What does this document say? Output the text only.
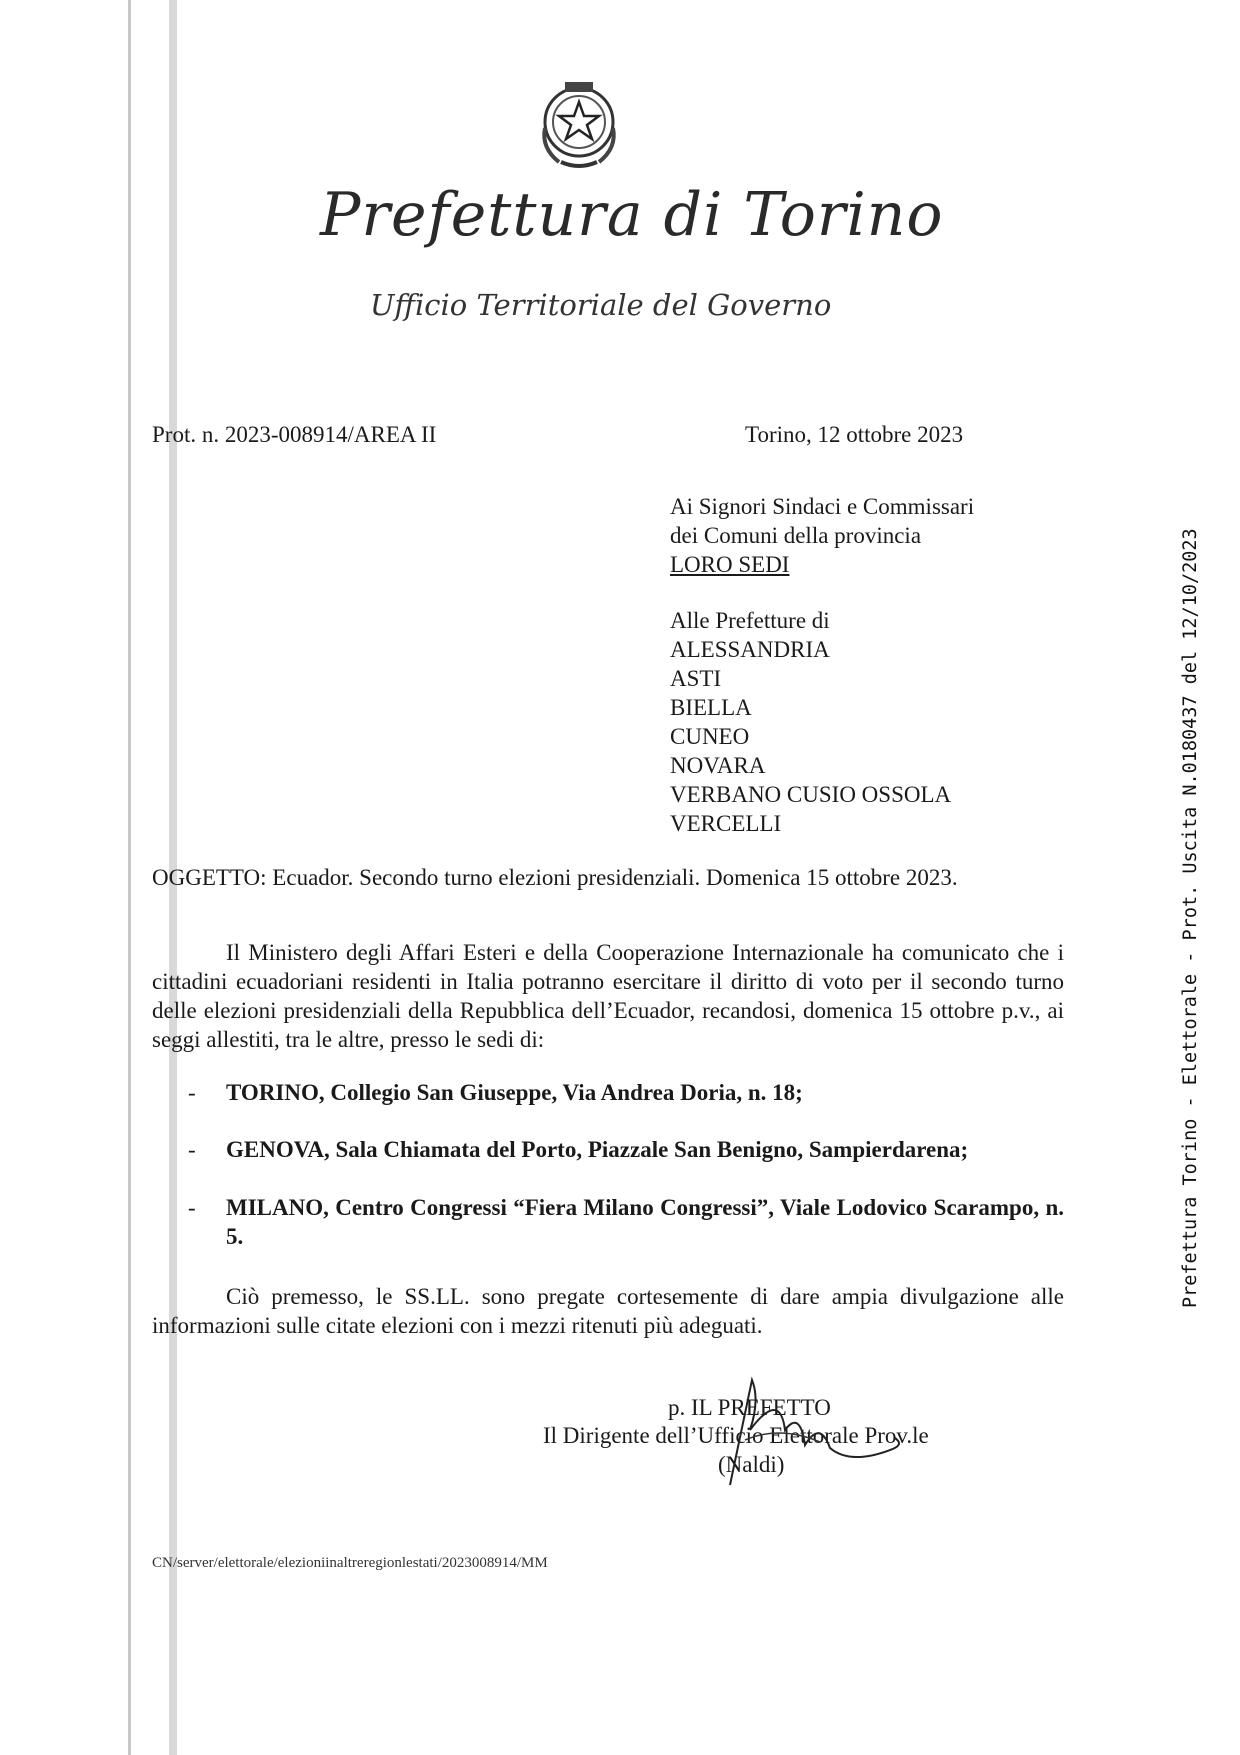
Prefettura di Torino
Ufficio Territoriale del Governo
Prot. n. 2023-008914/AREA II	Torino, 12 ottobre 2023
Ai Signori Sindaci e Commissari
dei Comuni della provincia
LORO SEDI
Alle Prefetture di
ALESSANDRIA
ASTI
BIELLA
CUNEO
NOVARA
VERBANO CUSIO OSSOLA
VERCELLI
OGGETTO: Ecuador. Secondo turno elezioni presidenziali. Domenica 15 ottobre 2023.
Il Ministero degli Affari Esteri e della Cooperazione Internazionale ha comunicato che i cittadini ecuadoriani residenti in Italia potranno esercitare il diritto di voto per il secondo turno delle elezioni presidenziali della Repubblica dell’Ecuador, recandosi, domenica 15 ottobre p.v., ai seggi allestiti, tra le altre, presso le sedi di:
- TORINO, Collegio San Giuseppe, Via Andrea Doria, n. 18;
- GENOVA, Sala Chiamata del Porto, Piazzale San Benigno, Sampierdarena;
- MILANO, Centro Congressi “Fiera Milano Congressi”, Viale Lodovico Scarampo, n. 5.
Ciò premesso, le SS.LL. sono pregate cortesemente di dare ampia divulgazione alle informazioni sulle citate elezioni con i mezzi ritenuti più adeguati.
p. IL PREFETTO
Il Dirigente dell’Ufficio Elettorale Prov.le
(Naldi)
CN/server/elettorale/elezioniinaltreregionlestati/2023008914/MM
Prefettura Torino - Elettorale - Prot. Uscita N.0180437 del 12/10/2023
